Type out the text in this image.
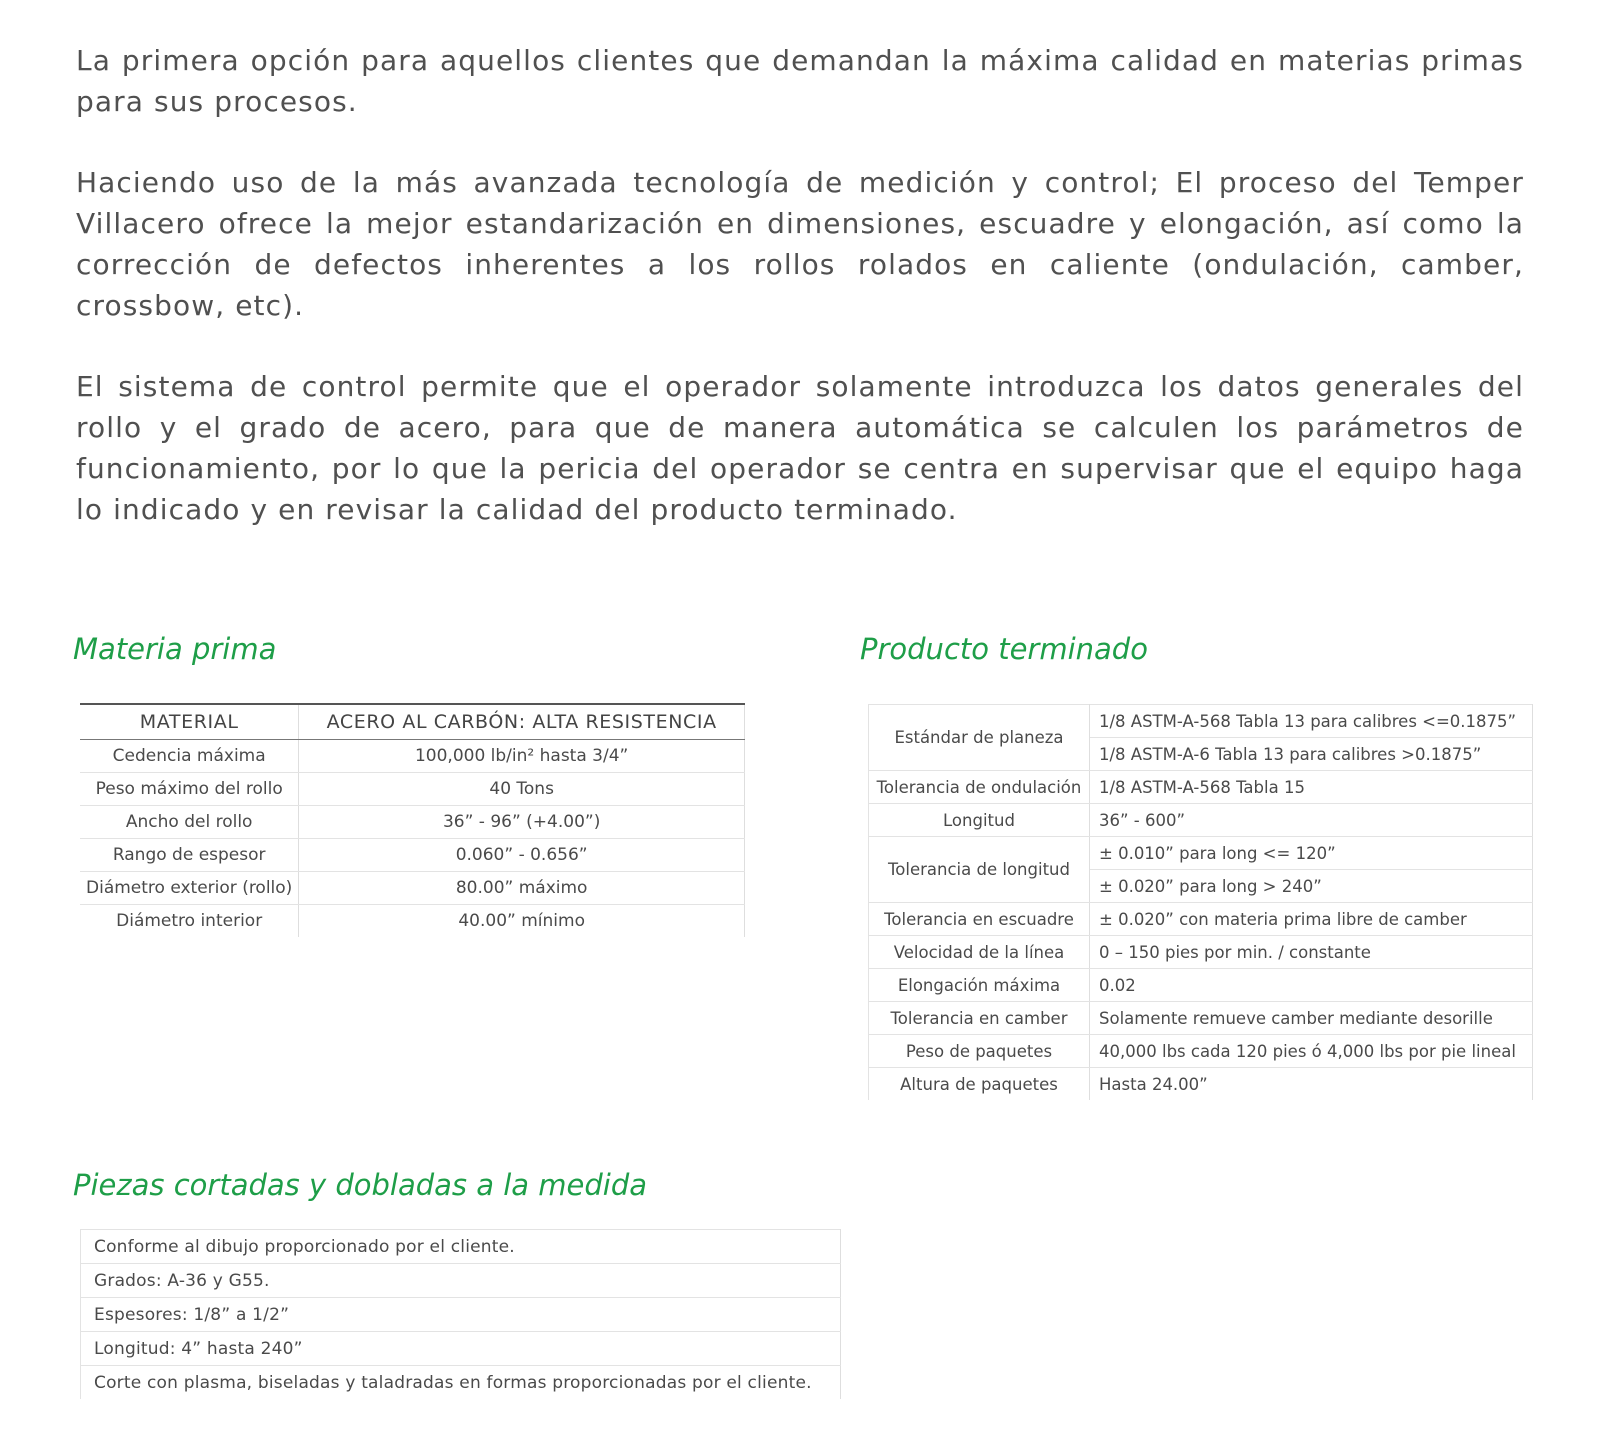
La primera opción para aquellos clientes que demandan la máxima calidad en materias primas para sus procesos.

Haciendo uso de la más avanzada tecnología de medición y control; El proceso del Temper Villacero ofrece la mejor estandarización en dimensiones, escuadre y elongación, así como la corrección de defectos inherentes a los rollos rolados en caliente (ondulación, camber, crossbow, etc).

El sistema de control permite que el operador solamente introduzca los datos generales del rollo y el grado de acero, para que de manera automática se calculen los parámetros de funcionamiento, por lo que la pericia del operador se centra en supervisar que el equipo haga lo indicado y en revisar la calidad del producto terminado.

Materia prima	Producto terminado
Piezas cortadas y dobladas a la medida
MATERIAL	ACERO AL CARBÓN: ALTA RESISTENCIA
Cedencia máxima	100,000 lb/in² hasta 3/4”
Peso máximo del rollo	40 Tons
Ancho del rollo	36” - 96” (+4.00”)
Rango de espesor	0.060” - 0.656”
Diámetro exterior (rollo)	80.00” máximo
Diámetro interior	40.00” mínimo
Estándar de planeza	1/8 ASTM-A-568 Tabla 13 para calibres <=0.1875”
	1/8 ASTM-A-6 Tabla 13 para calibres >0.1875”
Tolerancia de ondulación	1/8 ASTM-A-568 Tabla 15
Longitud	36” - 600”
Tolerancia de longitud	± 0.010” para long <= 120”
	± 0.020” para long > 240”
Tolerancia en escuadre	± 0.020” con materia prima libre de camber
Velocidad de la línea	0 – 150 pies por min. / constante
Elongación máxima	0.02
Tolerancia en camber	Solamente remueve camber mediante desorille
Peso de paquetes	40,000 lbs cada 120 pies ó 4,000 lbs por pie lineal
Altura de paquetes	Hasta 24.00”
Conforme al dibujo proporcionado por el cliente.
Grados: A-36 y G55.
Espesores: 1/8” a 1/2”
Longitud: 4” hasta 240”
Corte con plasma, biseladas y taladradas en formas proporcionadas por el cliente.
